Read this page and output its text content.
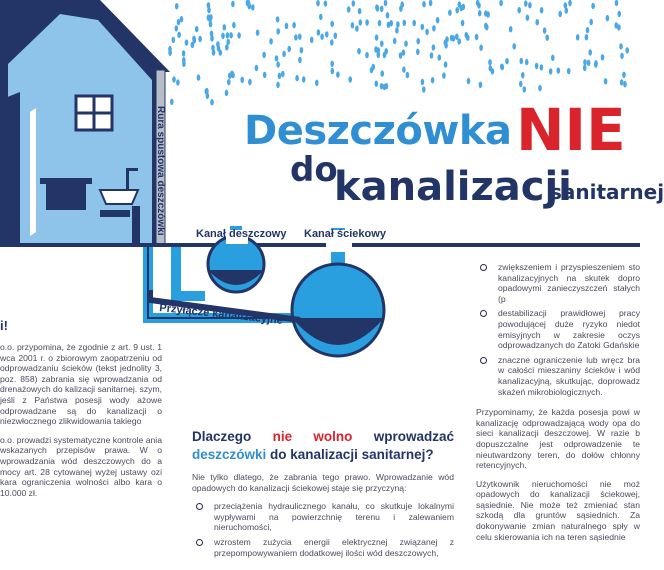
Rura spustowa deszczówki	Kanał deszczowy Kanał ściekowy
Przyłącze kanalizacyjne
Deszczówka NIE
do
kanalizacji
sanitarnej
i!

o.o. przypomina, że zgodnie z art. 9 ust. 1 wca 2001 r. o zbiorowym zaopatrzeniu od odprowadzaniu ścieków (tekst jednolity 3, poz. 858) zabrania się wprowadzania od drenażowych do kalizacji sanitarnej. szym, jeśli z Państwa posesji wody ażowe odprowadzane są do kanalizacji o niezwłocznego zlikwidowania takiego

o.o. prowadzi systematyczne kontrole ania wskazanych przepisów prawa. W o wprowadzania wód deszczowych do a mocy art. 28 cytowanej wyżej ustawy ozi kara ograniczenia wolności albo kara o 10.000 zł.

Dlaczego nie wolno wprowadzać deszczówki do kanalizacji sanitarnej?

Nie tylko dlatego, że zabrania tego prawo. Wprowadzanie wód opadowych do kanalizacji ściekowej staje się przyczyną:

przeciążenia hydraulicznego kanału, co skutkuje lokalnymi wypływami na powierzchnię terenu i zalewaniem nieruchomości,
wzrostem zużycia energii elektrycznej związanej z przepompowywaniem dodatkowej ilości wód deszczowych,
zwiększeniem i przyspieszeniem sto kanalizacyjnych na skutek dopro opadowymi zanieczyszczeń stałych (p
destabilizacji prawidłowej pracy powodującej duże ryzyko niedot emisyjnych w zakresie oczys odprowadzanych do Zatoki Gdańskie
znaczne ograniczenie lub wręcz bra w całości mieszaniny ścieków i wód kanalizacyjną, skutkując, doprowadz skażeń mikrobiologicznych.

Przypominamy, że każda posesja powi w kanalizację odprowadzającą wody opa do sieci kanalizacji deszczowej. W razie b dopuszczalne jest odprowadzenie te nieutwardzony teren, do dołów chłonny retencyjnych.

Użytkownik nieruchomości nie moż opadowych do kanalizacji ściekowej, sąsiednie. Nie może też zmieniać stan szkodą dla gruntów sąsiednich. Za dokonywanie zmian naturalnego spły w celu skierowania ich na teren sąsiednie
